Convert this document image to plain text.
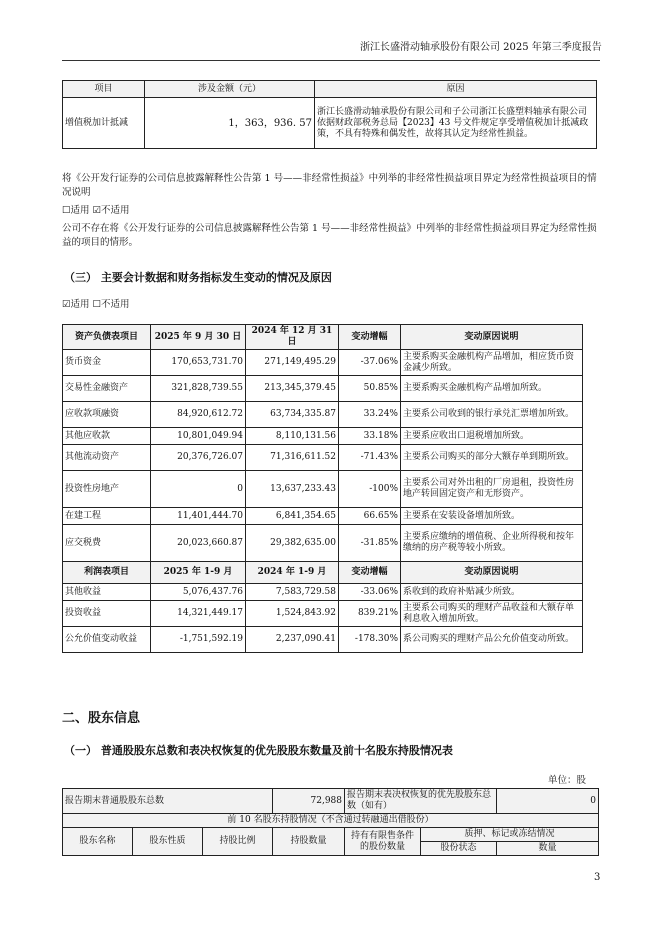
浙江长盛滑动轴承股份有限公司 2025 年第三季度报告
项目	涉及金额（元）	原因
增值税加计抵减	1，363，936. 57	浙江长盛滑动轴承股份有限公司和子公司浙江长盛塑料轴承有限公司依据财政部税务总局【2023】43 号文件规定享受增值税加计抵减政策，不具有特殊和偶发性，故将其认定为经常性损益。
将《公开发行证券的公司信息披露解释性公告第 1 号——非经常性损益》中列举的非经常性损益项目界定为经常性损益项目的情况说明
☐适用 ☑不适用
公司不存在将《公开发行证券的公司信息披露解释性公告第 1 号——非经常性损益》中列举的非经常性损益项目界定为经常性损益的项目的情形。
（三） 主要会计数据和财务指标发生变动的情况及原因
☑适用 ☐不适用
资产负债表项目	2025 年 9 月 30 日	2024 年 12 月 31 日	变动增幅	变动原因说明
货币资金	170,653,731.70	271,149,495.29	-37.06%	主要系购买金融机构产品增加，相应货币资金减少所致。
交易性金融资产	321,828,739.55	213,345,379.45	50.85%	主要系购买金融机构产品增加所致。
应收款项融资	84,920,612.72	63,734,335.87	33.24%	主要系公司收到的银行承兑汇票增加所致。
其他应收款	10,801,049.94	8,110,131.56	33.18%	主要系应收出口退税增加所致。
其他流动资产	20,376,726.07	71,316,611.52	-71.43%	主要系公司购买的部分大额存单到期所致。
投资性房地产	0	13,637,233.43	-100%	主要系公司对外出租的厂房退租，投资性房地产转回固定资产和无形资产。
在建工程	11,401,444.70	6,841,354.65	66.65%	主要系在安装设备增加所致。
应交税费	20,023,660.87	29,382,635.00	-31.85%	主要系应缴纳的增值税、企业所得税和按年缴纳的房产税等较小所致。
利润表项目	2025 年 1-9 月	2024 年 1-9 月	变动增幅	变动原因说明
其他收益	5,076,437.76	7,583,729.58	-33.06%	系收到的政府补贴减少所致。
投资收益	14,321,449.17	1,524,843.92	839.21%	主要系公司购买的理财产品收益和大额存单利息收入增加所致。
公允价值变动收益	-1,751,592.19	2,237,090.41	-178.30%	系公司购买的理财产品公允价值变动所致。
二、股东信息
（一） 普通股股东总数和表决权恢复的优先股股东数量及前十名股东持股情况表
单位：股
报告期末普通股股东总数			72,988	报告期末表决权恢复的优先股股东总数（如有）		0
前 10 名股东持股情况（不含通过转融通出借股份）						
股东名称	股东性质	持股比例	持股数量	持有有限售条件的股份数量	质押、标记或冻结情况	
					股份状态	数量
3
